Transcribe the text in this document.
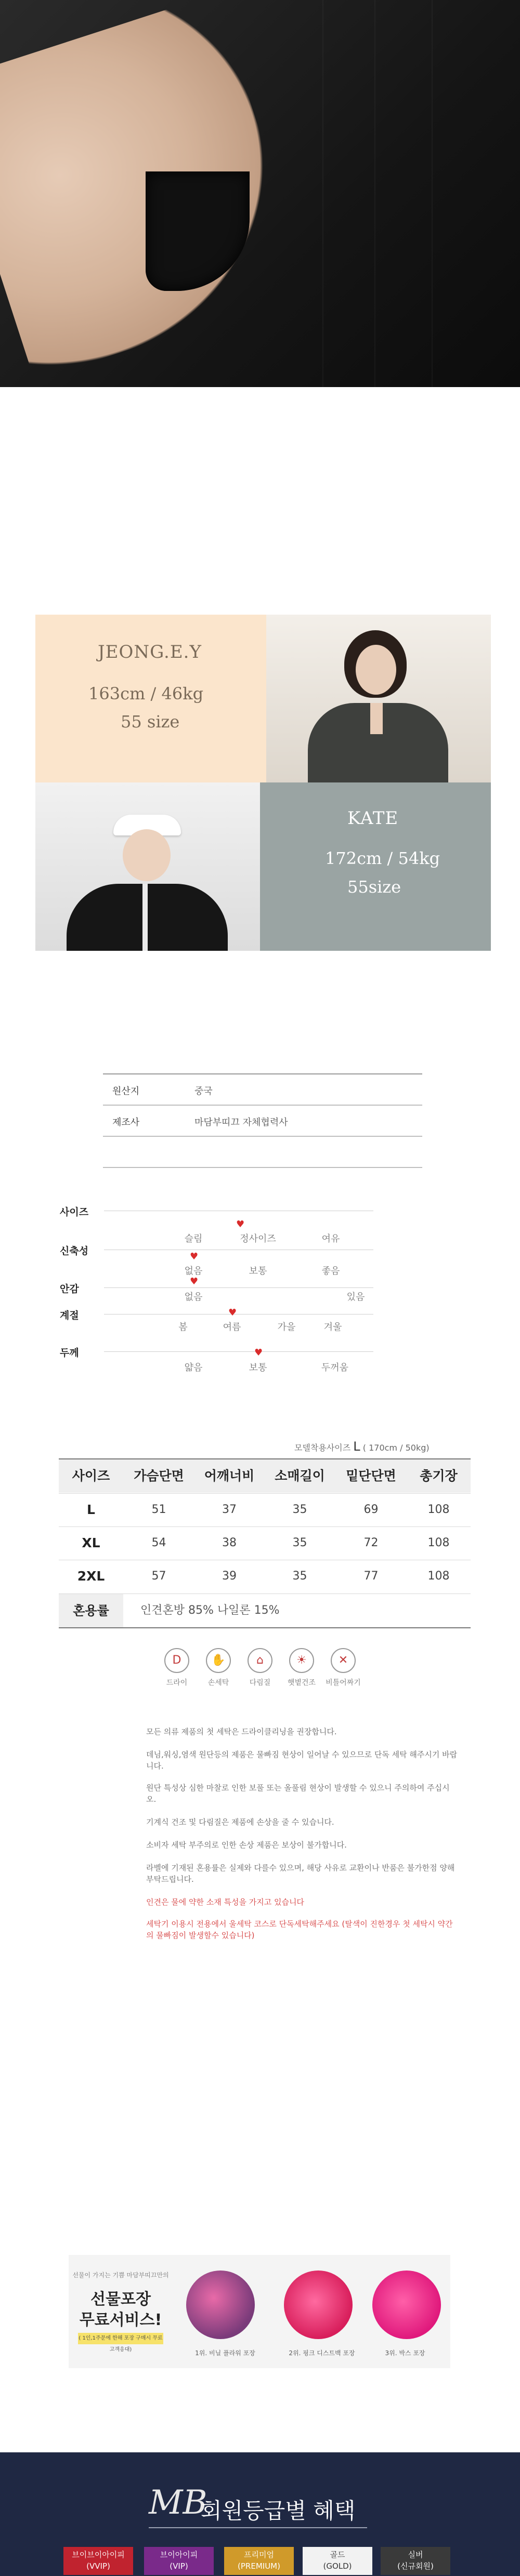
JEONG.E.Y
163cm / 46kg
55 size
KATE
172cm / 54kg
55size
원산지	중국
제조사	마담부띠끄 자체협력사
사이즈
♥
슬림	정사이즈	여유
신축성	♥
없음	보통	좋음
안감
♥
없음	있음
계절	♥
봄	여름	가을	겨울
두께	♥
얇음	보통	두꺼움
모델착용사이즈 L ( 170cm / 50kg)
사이즈	가슴단면	어깨너비	소매길이	밑단단면	총기장
L	51	37	35	69	108
XL	54	38	35	72	108
2XL	57	39	35	77	108
혼용률	인견혼방 85% 나일론 15%
D
드라이
✋
손세탁
⌂
다림질
☀
햇볕건조
✕
비틀어짜기
모든 의류 제품의 첫 세탁은 드라이클리닝을 권장합니다.
데님,워싱,염색 원단등의 제품은 물빠짐 현상이 일어날 수 있으므로 단독 세탁 해주시기 바랍니다.
원단 특성상 심한 마찰로 인한 보풀 또는 올풀림 현상이 발생할 수 있으니 주의하여 주십시오.
기계식 건조 및 다림질은 제품에 손상을 줄 수 있습니다.
소비자 세탁 부주의로 인한 손상 제품은 보상이 불가합니다.
라벨에 기재된 혼용률은 실제와 다를수 있으며, 해당 사유로 교환이나 반품은 불가한점 양해부탁드립니다.
인견은 물에 약한 소재 특성을 가지고 있습니다
세탁기 이용시 전용에서 울세탁 코스로 단독세탁해주세요 (탈색이 진한경우 첫 세탁시 약간의 물빠짐이 발생할수 있습니다)
선물이 가지는 기쁨 마담부띠끄만의
선물포장
무료서비스!
( 1인,1주문에 한해 포장 구매시 무료 고객응대)	1위. 비닐 플라워 포장	2위. 핑크 디스트백 포장	3위. 박스 포장
MB
회원등급별 혜택
브이브이아이피
(VVIP)
브이아이피
(VIP)
프리미엄
(PREMIUM)
골드
(GOLD)
실버
(신규회원)
